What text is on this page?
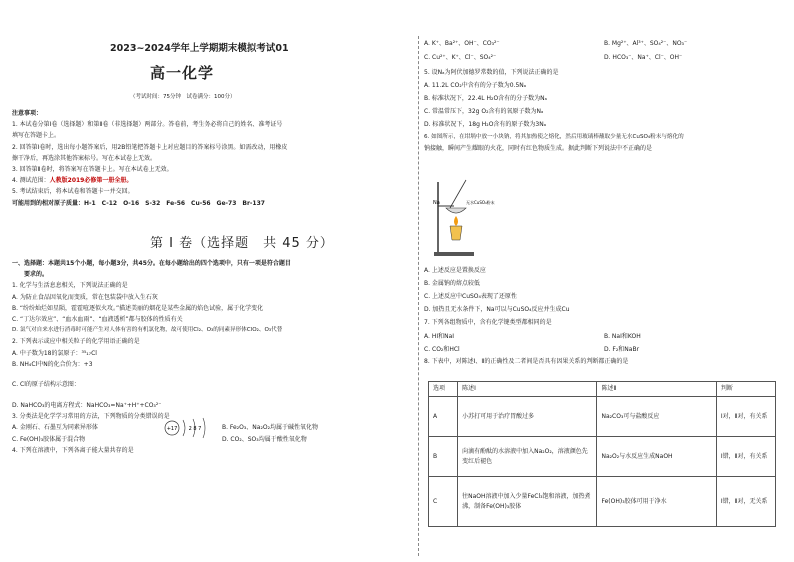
2023~2024学年上学期期末模拟考试01
高一化学
（考试时间：75分钟　试卷满分：100分）
注意事项：
1. 本试卷分第Ⅰ卷（选择题）和第Ⅱ卷（非选择题）两部分。答卷前，考生务必将自己的姓名、准考证号
填写在答题卡上。
2. 回答第Ⅰ卷时，选出每小题答案后，用2B铅笔把答题卡上对应题目的答案标号涂黑。如需改动，用橡皮
擦干净后，再选涂其他答案标号。写在本试卷上无效。
3. 回答第Ⅱ卷时，将答案写在答题卡上。写在本试卷上无效。
4. 测试范围：人教版2019必修第一册全册。
5. 考试结束后，将本试卷和答题卡一并交回。
可能用到的相对原子质量：H-1　C-12　O-16　S-32　Fe-56　Cu-56　Ge-73　Br-137
第 I 卷（选择题　共 45 分）
一、选择题：本题共15个小题，每小题3分，共45分。在每小题给出的四个选项中，只有一项是符合题目
要求的。
1. 化学与生活息息相关，下列说法正确的是
A. 为防止食品因氧化而变质，常在包装袋中放入生石灰
B. “纷纷灿烂如星陨，霍霍喧逐似火攻。”描述美丽的烟花是某些金属的焰色试验，属于化学变化
C. “丁达尔效应”、“血水血雨”、“血液透析”都与胶体的性质有关
D. 氯气对自来水进行消毒时可能产生对人体有害的有机氯化物，故可使用Cl₂、O₃的同素异形体ClO₂、O₃代替
2. 下列表示或应中相关粒子的化学用语正确的是
A. 中子数为18的氯原子：³⁵₁₇Cl
B. NH₄Cl中N的化合价为：+3
C. Cl的原子结构示意图：
D. NaHCO₃的电离方程式：NaHCO₃=Na⁺+H⁺+CO₃²⁻
3. 分类法是化学学习常用的方法，下列物质的分类错误的是
A. 金刚石、石墨互为同素异形体	B. Fe₂O₃、Na₂O₂均属于碱性氧化物
C. Fe(OH)₃胶体属于混合物	D. CO₂、SO₃均属于酸性氧化物
4. 下列在溶液中，下列各离子能大量共存的是
+17 2 8 7
A. K⁺、Ba²⁺、OH⁻、CO₃²⁻	B. Mg²⁺、Al³⁺、SO₄²⁻、NO₃⁻
C. Cu²⁺、K⁺、Cl⁻、SO₄²⁻	D. HCO₃⁻、Na⁺、Cl⁻、OH⁻
5. 设Nₐ为阿伏加德罗常数的值，下列说法正确的是
A. 11.2L CO₂中含有的分子数为0.5Nₐ
B. 标准状况下，22.4L H₂O含有的分子数为Nₐ
C. 常温常压下，32g O₂含有的氧原子数为Nₐ
D. 标准状况下，18g H₂O含有的原子数为3Nₐ
6. 如图所示，在坩埚中放一小块钠，将其加热使之熔化，然后用玻璃棒蘸取少量无水CuSO₄粉末与熔化的
钠接触，瞬间产生耀眼的火花，同时有红色物质生成。据此判断下列说法中不正确的是
Na	无水CuSO₄粉末
A. 上述反应是置换反应
B. 金属钠的熔点较低
C. 上述反应中CuSO₄表现了还原性
D. 加热且无水条件下，Na可以与CuSO₄反应并生成Cu
7. 下列各组物质中，含有化学键类型都相同的是
A. HI和NaI	B. NaI和KOH
C. CO₂和HCl	D. F₂和NaBr
8. 下表中，对陈述Ⅰ、Ⅱ的正确性及二者间是否具有因果关系的判断都正确的是
选项	陈述Ⅰ	陈述Ⅱ	判断
A	小苏打可用于治疗胃酸过多	Na₂CO₃可与盐酸反应	Ⅰ对，Ⅱ对，有关系
B	向滴有酚酞的水溶液中加入Na₂O₂，溶液颜色先变红后褪色	Na₂O₂与水反应生成NaOH	Ⅰ错，Ⅱ对，有关系
C	往NaOH溶液中加入少量FeCl₃饱和溶液，加热煮沸，制备Fe(OH)₃胶体	Fe(OH)₃胶体可用于净水	Ⅰ错，Ⅱ对，无关系
